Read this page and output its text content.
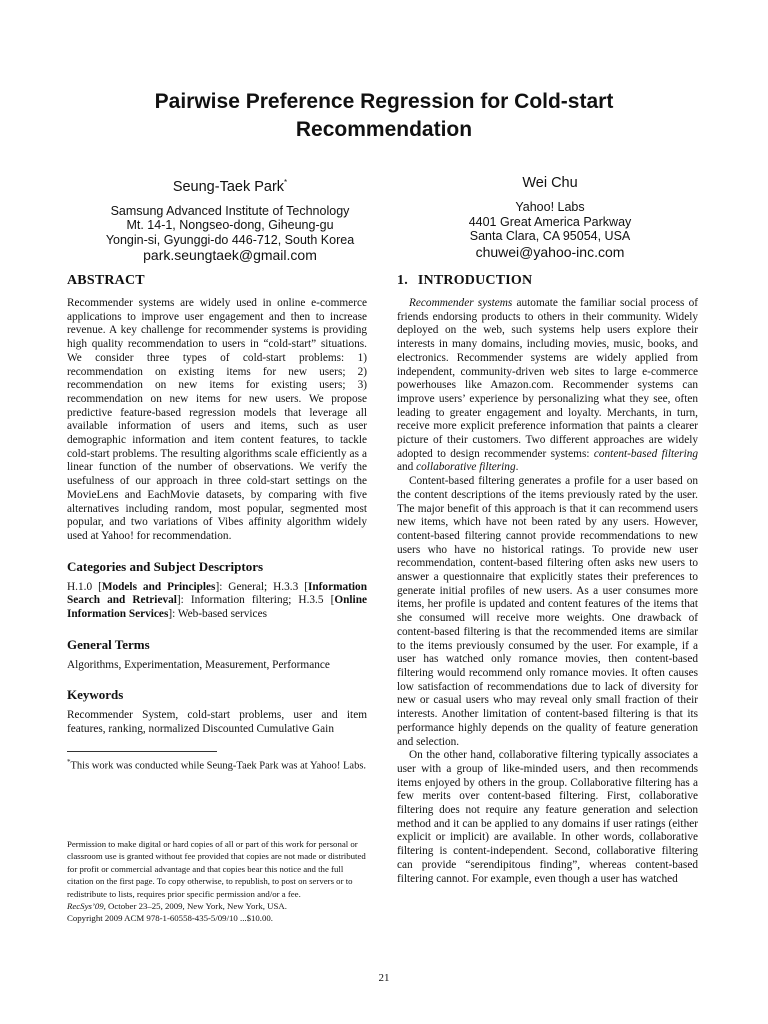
Pairwise Preference Regression for Cold-start
Recommendation
Seung-Taek Park*
Samsung Advanced Institute of Technology
Mt. 14-1, Nongseo-dong, Giheung-gu
Yongin-si, Gyunggi-do 446-712, South Korea
park.seungtaek@gmail.com
Wei Chu
Yahoo! Labs
4401 Great America Parkway
Santa Clara, CA 95054, USA
chuwei@yahoo-inc.com
ABSTRACT

Recommender systems are widely used in online e-commerce applications to improve user engagement and then to increase revenue. A key challenge for recommender systems is providing high quality recommendation to users in “cold-start” situations. We consider three types of cold-start problems: 1) recommendation on existing items for new users; 2) recommendation on new items for existing users; 3) recommendation on new items for new users. We propose predictive feature-based regression models that leverage all available information of users and items, such as user demographic information and item content features, to tackle cold-start problems. The resulting algorithms scale efficiently as a linear function of the number of observations. We verify the usefulness of our approach in three cold-start settings on the MovieLens and EachMovie datasets, by comparing with five alternatives including random, most popular, segmented most popular, and two variations of Vibes affinity algorithm widely used at Yahoo! for recommendation.

Categories and Subject Descriptors

H.1.0 [Models and Principles]: General; H.3.3 [Information Search and Retrieval]: Information filtering; H.3.5 [Online Information Services]: Web-based services

General Terms

Algorithms, Experimentation, Measurement, Performance

Keywords

Recommender System, cold-start problems, user and item features, ranking, normalized Discounted Cumulative Gain

*This work was conducted while Seung-Taek Park was at Yahoo! Labs.

Permission to make digital or hard copies of all or part of this work for personal or classroom use is granted without fee provided that copies are not made or distributed for profit or commercial advantage and that copies bear this notice and the full citation on the first page. To copy otherwise, to republish, to post on servers or to redistribute to lists, requires prior specific permission and/or a fee.

RecSys’09, October 23–25, 2009, New York, New York, USA.

Copyright 2009 ACM 978-1-60558-435-5/09/10 ...$10.00.

1. INTRODUCTION

Recommender systems automate the familiar social process of friends endorsing products to others in their community. Widely deployed on the web, such systems help users explore their interests in many domains, including movies, music, books, and electronics. Recommender systems are widely applied from independent, community-driven web sites to large e-commerce powerhouses like Amazon.com. Recommender systems can improve users’ experience by personalizing what they see, often leading to greater engagement and loyalty. Merchants, in turn, receive more explicit preference information that paints a clearer picture of their customers. Two different approaches are widely adopted to design recommender systems: content-based filtering and collaborative filtering.

Content-based filtering generates a profile for a user based on the content descriptions of the items previously rated by the user. The major benefit of this approach is that it can recommend users new items, which have not been rated by any users. However, content-based filtering cannot provide recommendations to new users who have no historical ratings. To provide new user recommendation, content-based filtering often asks new users to answer a questionnaire that explicitly states their preferences to generate initial profiles of new users. As a user consumes more items, her profile is updated and content features of the items that she consumed will receive more weights. One drawback of content-based filtering is that the recommended items are similar to the items previously consumed by the user. For example, if a user has watched only romance movies, then content-based filtering would recommend only romance movies. It often causes low satisfaction of recommendations due to lack of diversity for new or casual users who may reveal only small fraction of their interests. Another limitation of content-based filtering is that its performance highly depends on the quality of feature generation and selection.

On the other hand, collaborative filtering typically associates a user with a group of like-minded users, and then recommends items enjoyed by others in the group. Collaborative filtering has a few merits over content-based filtering. First, collaborative filtering does not require any feature generation and selection method and it can be applied to any domains if user ratings (either explicit or implicit) are available. In other words, collaborative filtering is content-independent. Second, collaborative filtering can provide “serendipitous finding”, whereas content-based filtering cannot. For example, even though a user has watched

21
